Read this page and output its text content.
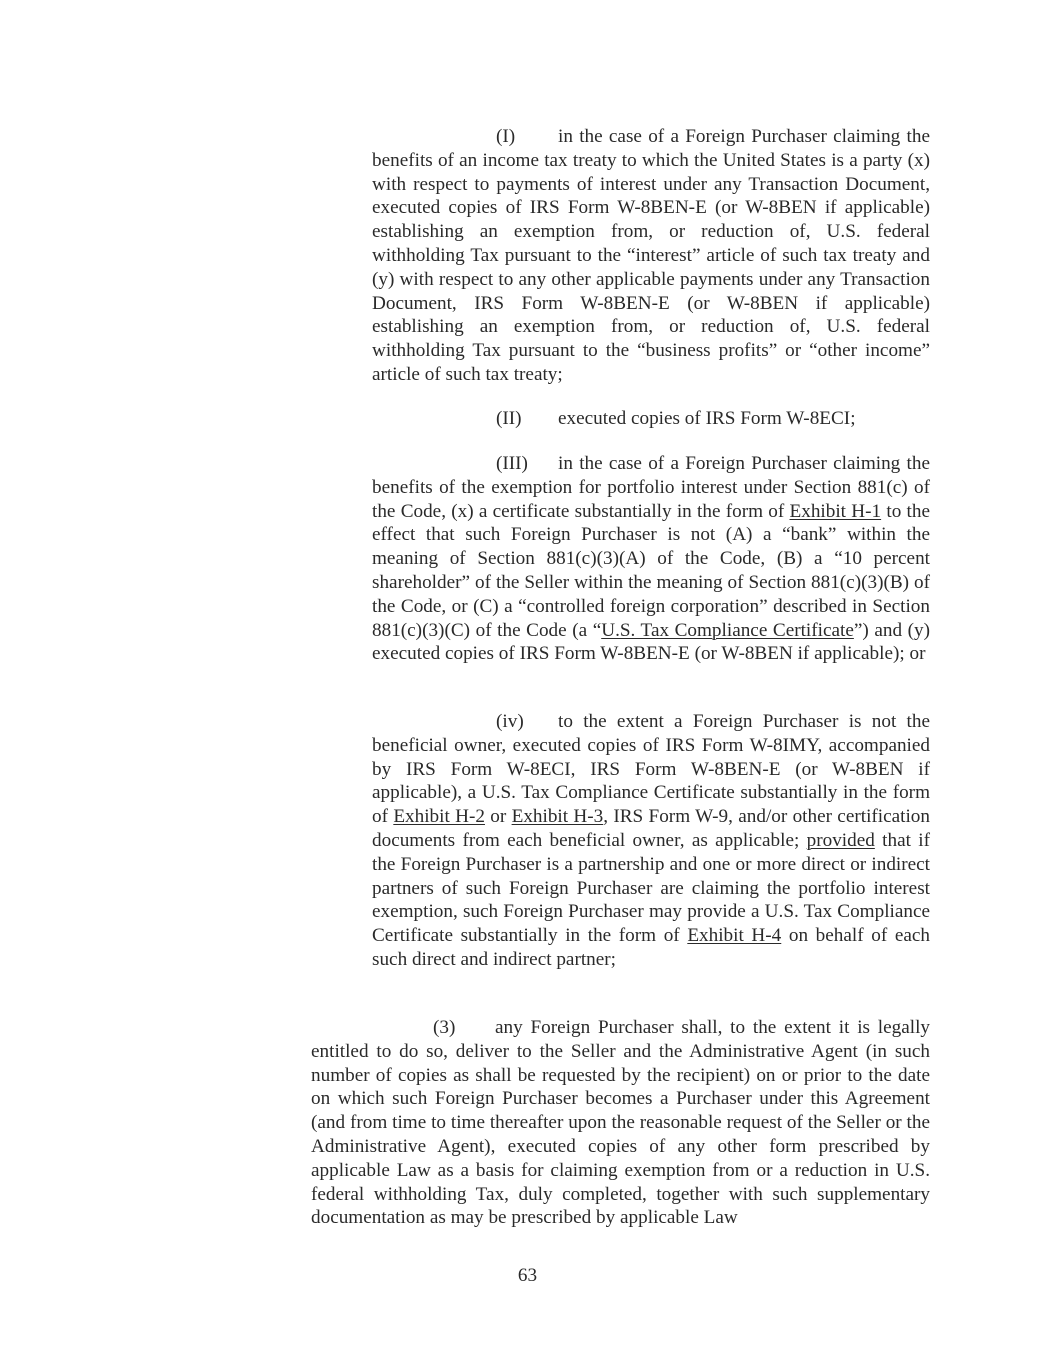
(I) in the case of a Foreign Purchaser claiming the benefits of an income tax treaty to which the United States is a party (x) with respect to payments of interest under any Transaction Document, executed copies of IRS Form W-8BEN-E (or W-8BEN if applicable) establishing an exemption from, or reduction of, U.S. federal withholding Tax pursuant to the “interest” article of such tax treaty and (y) with respect to any other applicable payments under any Transaction Document, IRS Form W-8BEN-E (or W-8BEN if applicable) establishing an exemption from, or reduction of, U.S. federal withholding Tax pursuant to the “business profits” or “other income” article of such tax treaty;

(II) executed copies of IRS Form W-8ECI;

(III) in the case of a Foreign Purchaser claiming the benefits of the exemption for portfolio interest under Section 881(c) of the Code, (x) a certificate substantially in the form of Exhibit H-1 to the effect that such Foreign Purchaser is not (A) a “bank” within the meaning of Section 881(c)(3)(A) of the Code, (B) a “10 percent shareholder” of the Seller within the meaning of Section 881(c)(3)(B) of the Code, or (C) a “controlled foreign corporation” described in Section 881(c)(3)(C) of the Code (a “U.S. Tax Compliance Certificate”) and (y) executed copies of IRS Form W-8BEN-E (or W-8BEN if applicable); or

(iv) to the extent a Foreign Purchaser is not the beneficial owner, executed copies of IRS Form W-8IMY, accompanied by IRS Form W-8ECI, IRS Form W-8BEN-E (or W-8BEN if applicable), a U.S. Tax Compliance Certificate substantially in the form of Exhibit H-2 or Exhibit H-3, IRS Form W-9, and/or other certification documents from each beneficial owner, as applicable; provided that if the Foreign Purchaser is a partnership and one or more direct or indirect partners of such Foreign Purchaser are claiming the portfolio interest exemption, such Foreign Purchaser may provide a U.S. Tax Compliance Certificate substantially in the form of Exhibit H-4 on behalf of each such direct and indirect partner;

(3) any Foreign Purchaser shall, to the extent it is legally entitled to do so, deliver to the Seller and the Administrative Agent (in such number of copies as shall be requested by the recipient) on or prior to the date on which such Foreign Purchaser becomes a Purchaser under this Agreement (and from time to time thereafter upon the reasonable request of the Seller or the Administrative Agent), executed copies of any other form prescribed by applicable Law as a basis for claiming exemption from or a reduction in U.S. federal withholding Tax, duly completed, together with such supplementary documentation as may be prescribed by applicable Law

63
